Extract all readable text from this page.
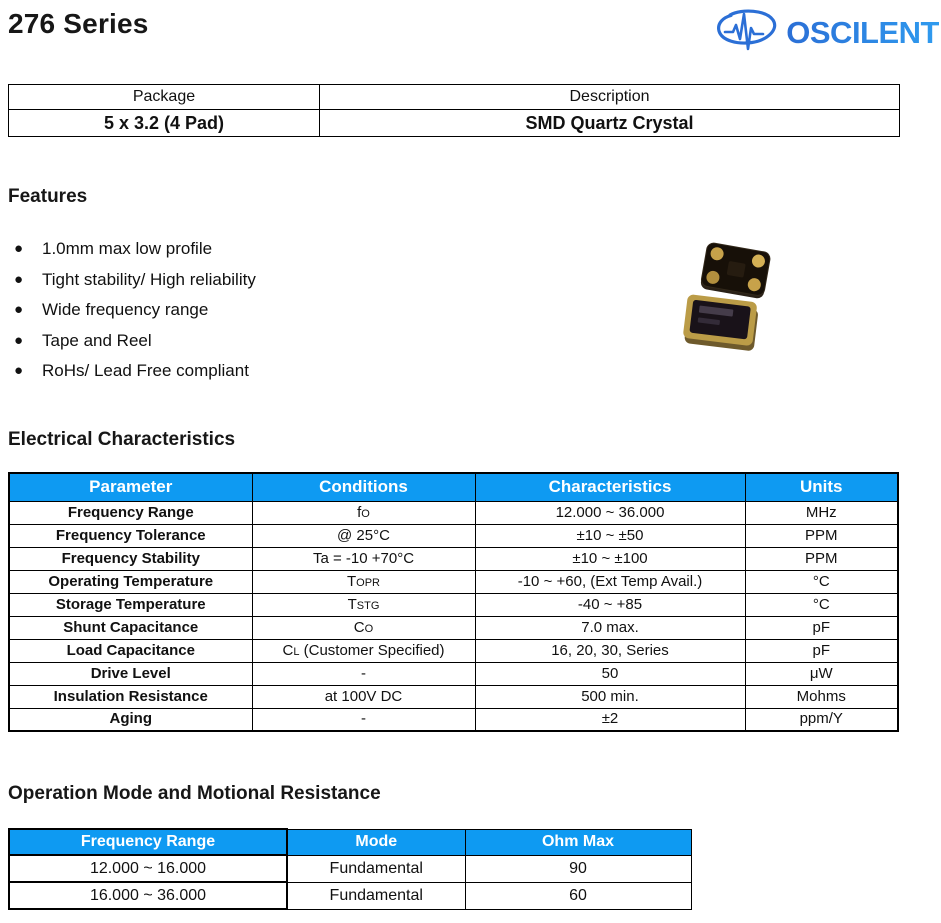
276 Series	OSCILENT
Package	Description
5 x 3.2 (4 Pad)	SMD Quartz Crystal
Features
● 1.0mm max low profile
● Tight stability/ High reliability
● Wide frequency range
● Tape and Reel
● RoHs/ Lead Free compliant
Electrical Characteristics
Parameter	Conditions	Characteristics	Units
Frequency Range	fO	12.000 ~ 36.000	MHz
Frequency Tolerance	@ 25°C	±10 ~ ±50	PPM
Frequency Stability	Ta = -10 +70°C	±10 ~ ±100	PPM
Operating Temperature	TOPR	-10 ~ +60, (Ext Temp Avail.)	°C
Storage Temperature	TSTG	-40 ~ +85	°C
Shunt Capacitance	CO	7.0 max.	pF
Load Capacitance	CL (Customer Specified)	16, 20, 30, Series	pF
Drive Level	-	50	μW
Insulation Resistance	at 100V DC	500 min.	Mohms
Aging	-	±2	ppm/Y
Operation Mode and Motional Resistance
Frequency Range	Mode	Ohm Max
12.000 ~ 16.000	Fundamental	90
16.000 ~ 36.000	Fundamental	60
